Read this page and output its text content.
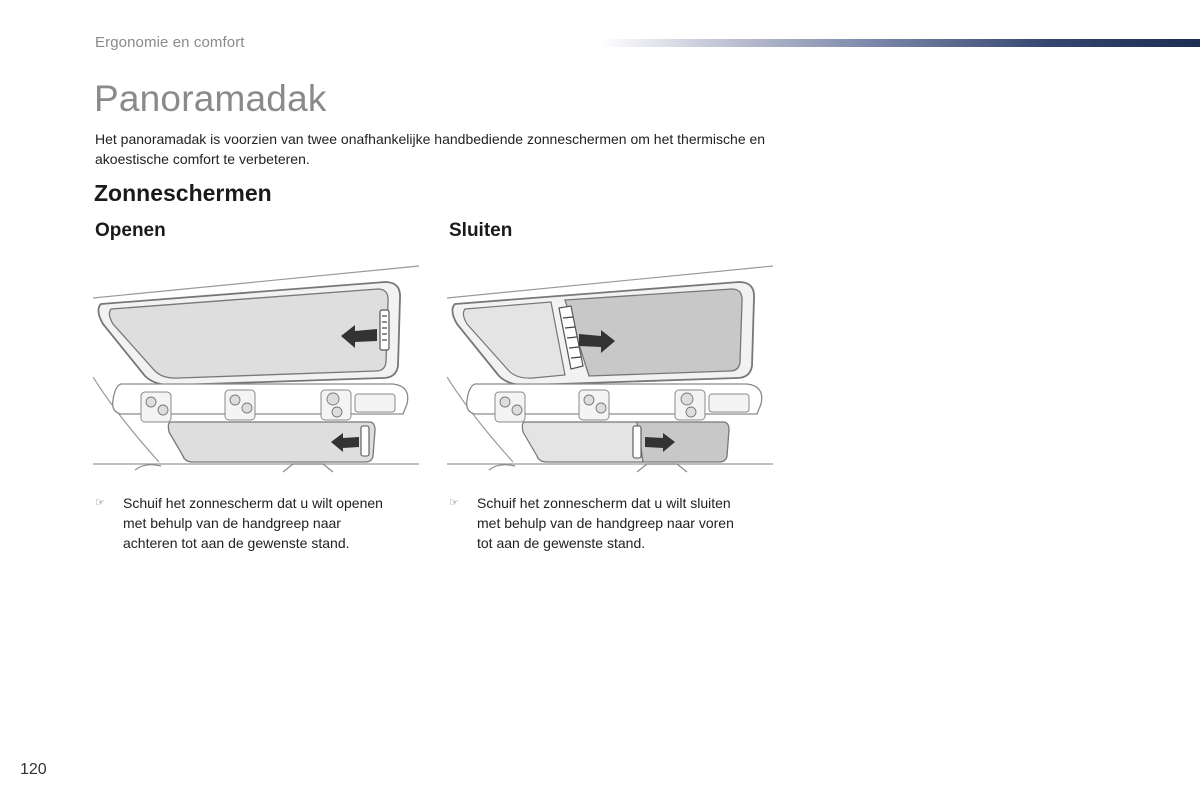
Ergonomie en comfort
Panoramadak

Het panoramadak is voorzien van twee onafhankelijke handbediende zonneschermen om het thermische en akoestische comfort te verbeteren.

Zonneschermen
Openen	Sluiten
☞	Schuif het zonnescherm dat u wilt openen met behulp van de handgreep naar achteren tot aan de gewenste stand.
☞	Schuif het zonnescherm dat u wilt sluiten met behulp van de handgreep naar voren tot aan de gewenste stand.
120
